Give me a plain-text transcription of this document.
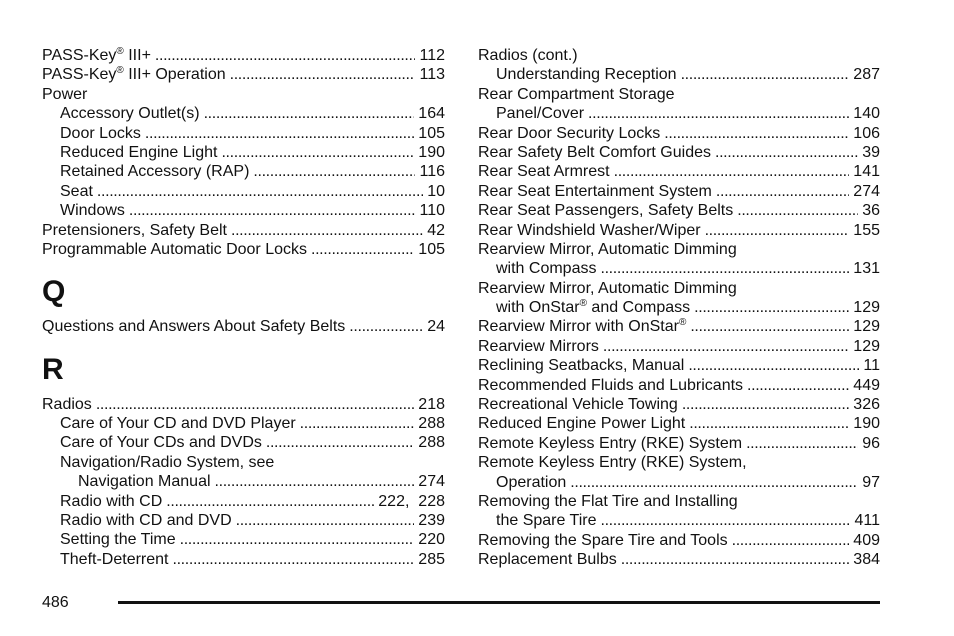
PASS-Key® III+ . . .	112
PASS-Key® III+ Operation . . .	113
Power
Accessory Outlet(s) . . .	164
Door Locks . . .	105
Reduced Engine Light . . .	190
Retained Accessory (RAP) . . .	116
Seat . . .	10
Windows . . .	110
Pretensioners, Safety Belt . . .	42
Programmable Automatic Door Locks . . .	105
Q
Questions and Answers About Safety Belts . . .	24
R
Radios . . .	218
Care of Your CD and DVD Player . . .	288
Care of Your CDs and DVDs . . .	288
Navigation/Radio System, see
Navigation Manual . . .	274
Radio with CD . . .	222,  228
Radio with CD and DVD . . .	239
Setting the Time . . .	220
Theft-Deterrent . . .	285
Radios (cont.)
Understanding Reception . . .	287
Rear Compartment Storage
Panel/Cover . . .	140
Rear Door Security Locks . . .	106
Rear Safety Belt Comfort Guides . . .	39
Rear Seat Armrest . . .	141
Rear Seat Entertainment System . . .	274
Rear Seat Passengers, Safety Belts . . .	36
Rear Windshield Washer/Wiper . . .	155
Rearview Mirror, Automatic Dimming
with Compass . . .	131
Rearview Mirror, Automatic Dimming
with OnStar® and Compass . . .	129
Rearview Mirror with OnStar® . . .	129
Rearview Mirrors . . .	129
Reclining Seatbacks, Manual . . .	11
Recommended Fluids and Lubricants . . .	449
Recreational Vehicle Towing . . .	326
Reduced Engine Power Light . . .	190
Remote Keyless Entry (RKE) System . . .	96
Remote Keyless Entry (RKE) System,
Operation . . .	97
Removing the Flat Tire and Installing
the Spare Tire . . .	411
Removing the Spare Tire and Tools . . .	409
Replacement Bulbs . . .	384
486
